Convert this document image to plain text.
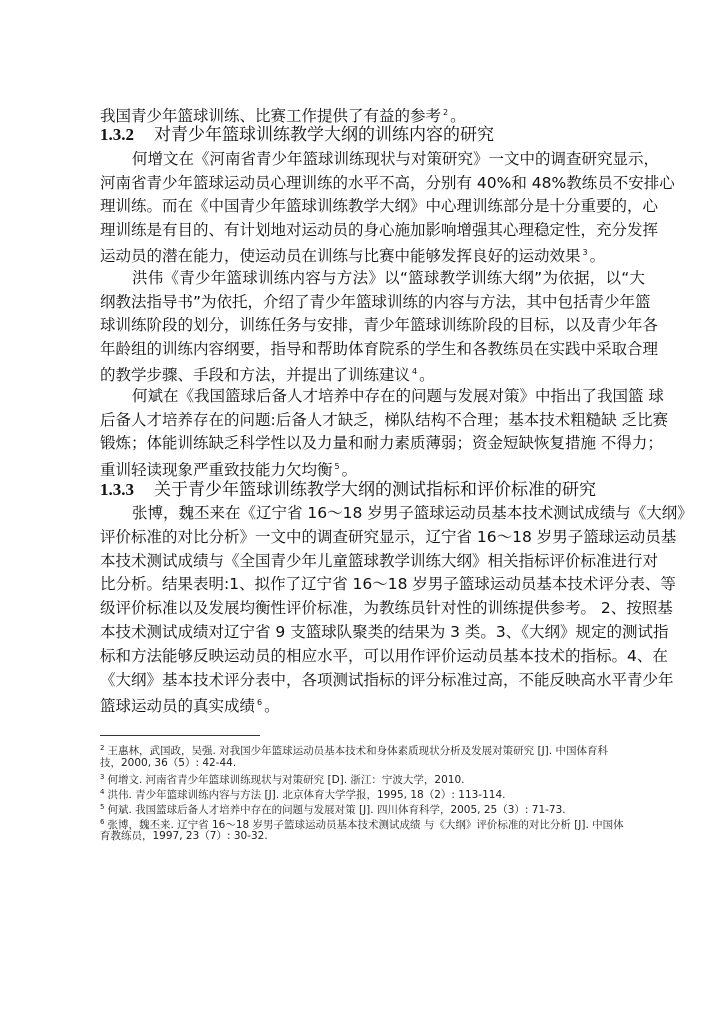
我国青少年篮球训练、比赛工作提供了有益的参考 $^2$ 。
1.3.2 对青少年篮球训练教学大纲的训练内容的研究
何增文在《河南省青少年篮球训练现状与对策研究》一文中的调查研究显示，
河南省青少年篮球运动员心理训练的水平不高，分别有 40%和 48%教练员不安排心
理训练。而在《中国青少年篮球训练教学大纲》中心理训练部分是十分重要的，心
理训练是有目的、有计划地对运动员的身心施加影响增强其心理稳定性，充分发挥
运动员的潜在能力，使运动员在训练与比赛中能够发挥良好的运动效果 $^3$ 。
洪伟《青少年篮球训练内容与方法》以“篮球教学训练大纲”为依据，以“大
纲教法指导书”为依托，介绍了青少年篮球训练的内容与方法，其中包括青少年篮
球训练阶段的划分，训练任务与安排，青少年篮球训练阶段的目标，以及青少年各
年龄组的训练内容纲要，指导和帮助体育院系的学生和各教练员在实践中采取合理
的教学步骤、手段和方法，并提出了训练建议 $^4$ 。
何斌在《我国篮球后备人才培养中存在的问题与发展对策》中指出了我国篮 球
后备人才培养存在的问题:后备人才缺乏，梯队结构不合理；基本技术粗糙缺 乏比赛
锻炼；体能训练缺乏科学性以及力量和耐力素质薄弱；资金短缺恢复措施 不得力；
重训轻读现象严重致技能力欠均衡 $^5$ 。
1.3.3 关于青少年篮球训练教学大纲的测试指标和评价标准的研究
张博，魏丕来在《辽宁省 16～18 岁男子篮球运动员基本技术测试成绩与《大纲》
评价标准的对比分析》一文中的调查研究显示，辽宁省 16～18 岁男子篮球运动员基
本技术测试成绩与《全国青少年儿童篮球教学训练大纲》相关指标评价标准进行对
比分析。结果表明:1、拟作了辽宁省 16～18 岁男子篮球运动员基本技术评分表、等
级评价标准以及发展均衡性评价标准，为教练员针对性的训练提供参考。 2、按照基
本技术测试成绩对辽宁省 9 支篮球队聚类的结果为 3 类。3、《大纲》规定的测试指
标和方法能够反映运动员的相应水平，可以用作评价运动员基本技术的指标。4、在
《大纲》基本技术评分表中，各项测试指标的评分标准过高，不能反映高水平青少年
篮球运动员的真实成绩 $^6$ 。
$^2$ 王惠林，武国政，吴强. 对我国少年篮球运动员基本技术和身体素质现状分析及发展对策研究 [J]. 中国体育科
技，2000, 36（5）: 42-44.
$^3$ 何增文. 河南省青少年篮球训练现状与对策研究 [D]. 浙江：宁波大学，2010.
$^4$ 洪伟. 青少年篮球训练内容与方法 [J]. 北京体育大学学报，1995, 18（2）: 113-114.
$^5$ 何斌. 我国篮球后备人才培养中存在的问题与发展对策 [J]. 四川体育科学，2005, 25（3）: 71-73.
$^6$ 张博，魏丕来. 辽宁省 16～18 岁男子篮球运动员基本技术测试成绩 与《大纲》评价标准的对比分析 [J]. 中国体
育教练员，1997, 23（7）: 30-32.
